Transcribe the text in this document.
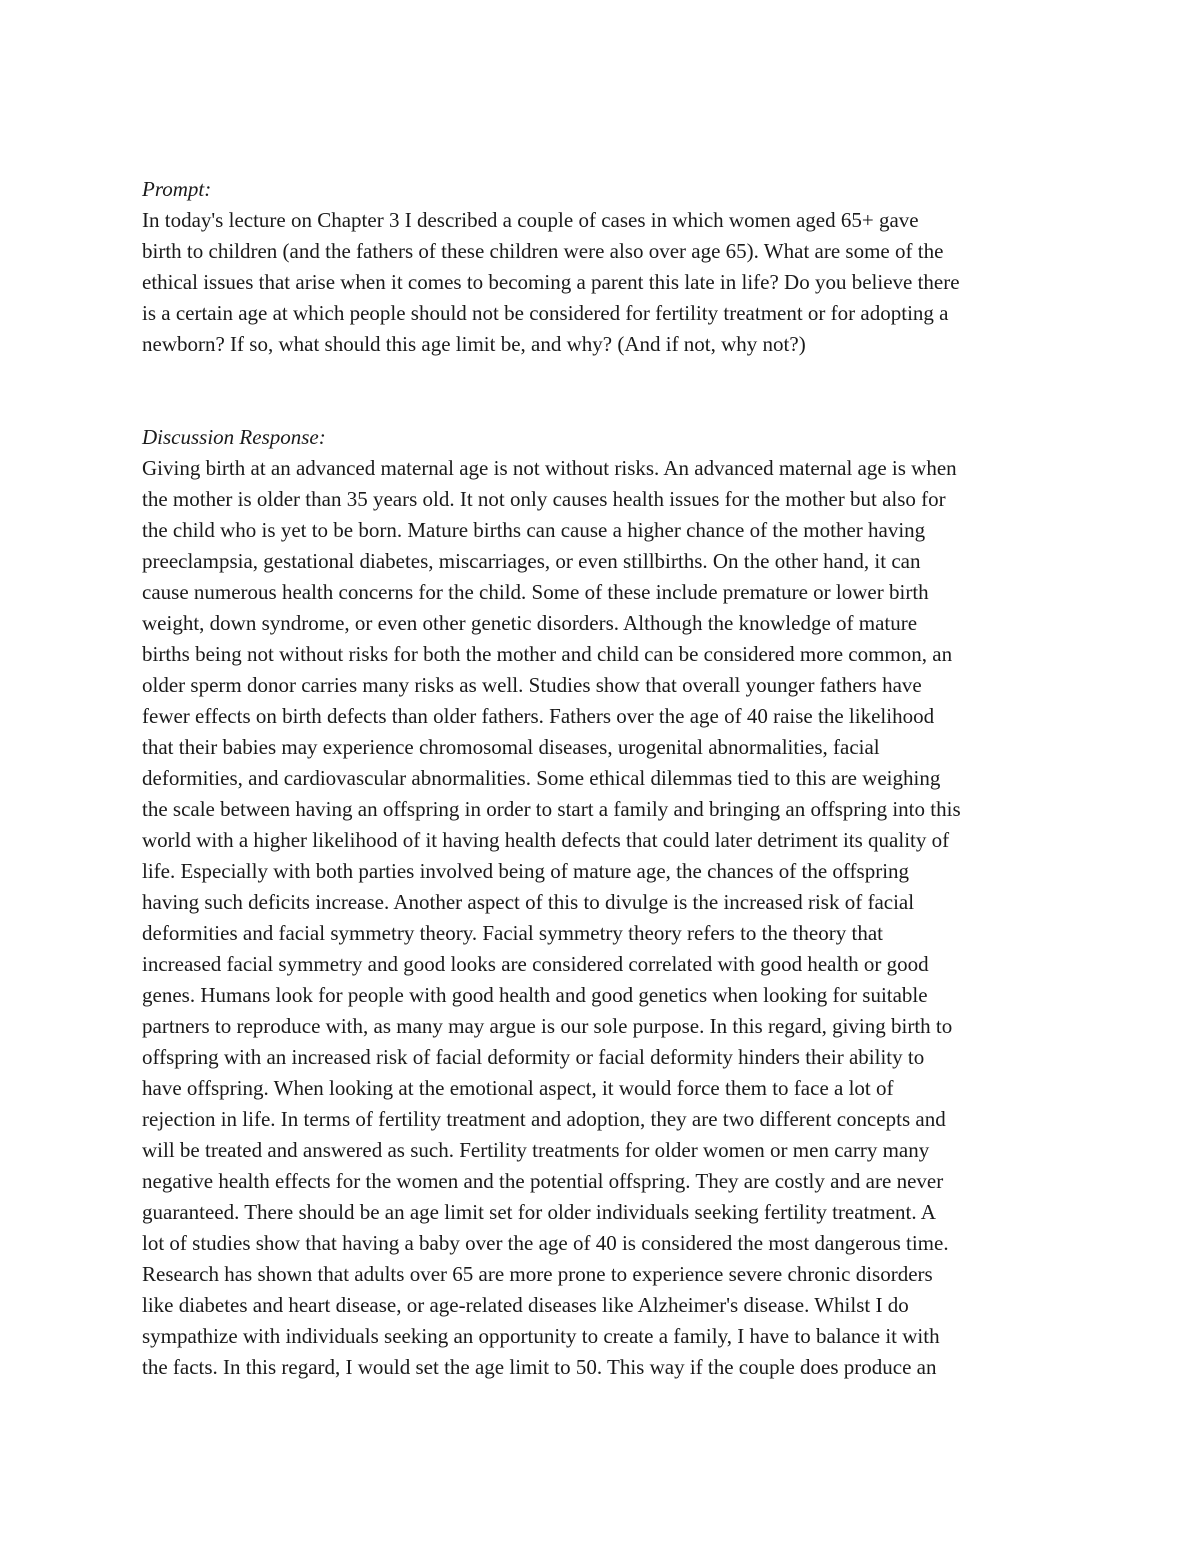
Prompt:
In today's lecture on Chapter 3 I described a couple of cases in which women aged 65+ gave
birth to children (and the fathers of these children were also over age 65). What are some of the
ethical issues that arise when it comes to becoming a parent this late in life? Do you believe there
is a certain age at which people should not be considered for fertility treatment or for adopting a
newborn? If so, what should this age limit be, and why? (And if not, why not?)
Discussion Response:
Giving birth at an advanced maternal age is not without risks. An advanced maternal age is when
the mother is older than 35 years old. It not only causes health issues for the mother but also for
the child who is yet to be born. Mature births can cause a higher chance of the mother having
preeclampsia, gestational diabetes, miscarriages, or even stillbirths. On the other hand, it can
cause numerous health concerns for the child. Some of these include premature or lower birth
weight, down syndrome, or even other genetic disorders. Although the knowledge of mature
births being not without risks for both the mother and child can be considered more common, an
older sperm donor carries many risks as well. Studies show that overall younger fathers have
fewer effects on birth defects than older fathers. Fathers over the age of 40 raise the likelihood
that their babies may experience chromosomal diseases, urogenital abnormalities, facial
deformities, and cardiovascular abnormalities. Some ethical dilemmas tied to this are weighing
the scale between having an offspring in order to start a family and bringing an offspring into this
world with a higher likelihood of it having health defects that could later detriment its quality of
life. Especially with both parties involved being of mature age, the chances of the offspring
having such deficits increase. Another aspect of this to divulge is the increased risk of facial
deformities and facial symmetry theory. Facial symmetry theory refers to the theory that
increased facial symmetry and good looks are considered correlated with good health or good
genes. Humans look for people with good health and good genetics when looking for suitable
partners to reproduce with, as many may argue is our sole purpose. In this regard, giving birth to
offspring with an increased risk of facial deformity or facial deformity hinders their ability to
have offspring. When looking at the emotional aspect, it would force them to face a lot of
rejection in life. In terms of fertility treatment and adoption, they are two different concepts and
will be treated and answered as such. Fertility treatments for older women or men carry many
negative health effects for the women and the potential offspring. They are costly and are never
guaranteed. There should be an age limit set for older individuals seeking fertility treatment. A
lot of studies show that having a baby over the age of 40 is considered the most dangerous time.
Research has shown that adults over 65 are more prone to experience severe chronic disorders
like diabetes and heart disease, or age-related diseases like Alzheimer's disease. Whilst I do
sympathize with individuals seeking an opportunity to create a family, I have to balance it with
the facts. In this regard, I would set the age limit to 50. This way if the couple does produce an
